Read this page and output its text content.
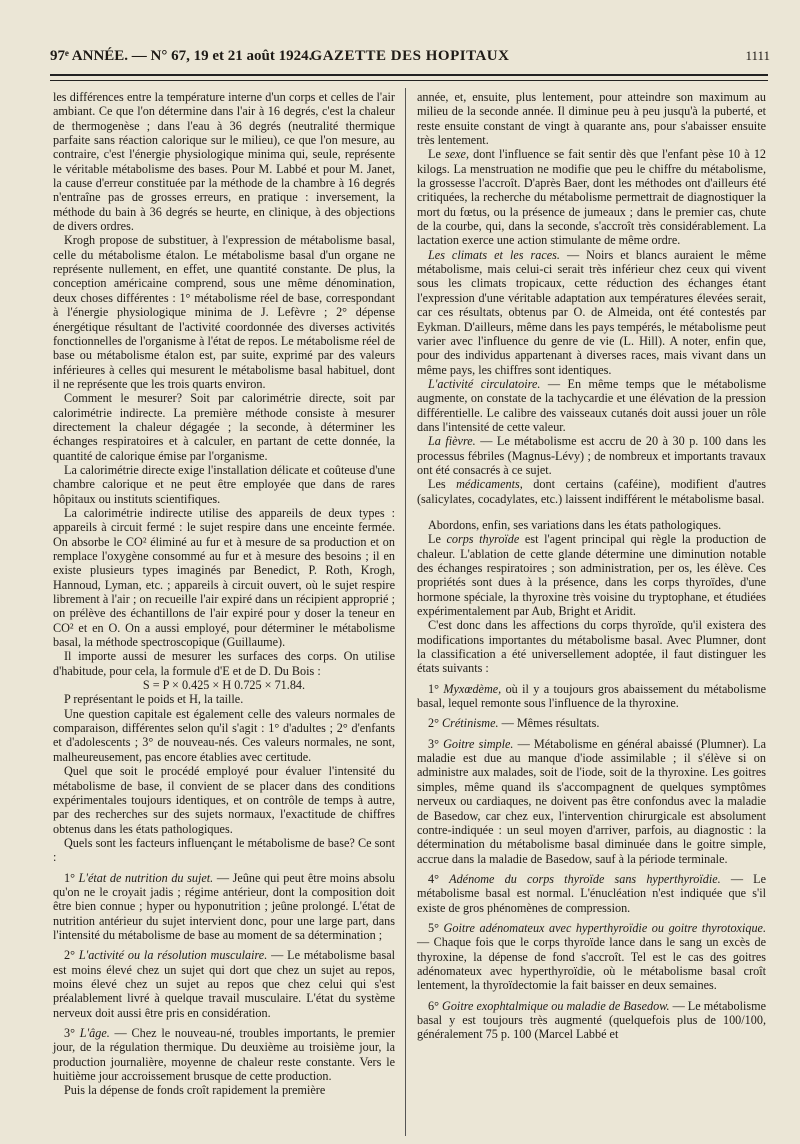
97ᵉ ANNÉE. — N° 67, 19 et 21 août 1924.
GAZETTE DES HOPITAUX	1111

les différences entre la température interne d'un corps et celles de l'air ambiant. Ce que l'on détermine dans l'air à 16 degrés, c'est la chaleur de thermogenèse ; dans l'eau à 36 degrés (neutralité thermique parfaite sans réaction calorique sur le milieu), ce que l'on mesure, au contraire, c'est l'énergie physiologique minima qui, seule, représente le véritable métabolisme des bases. Pour M. Labbé et pour M. Janet, la cause d'erreur constituée par la méthode de la chambre à 16 degrés n'entraîne pas de grosses erreurs, en pratique : inversement, la méthode du bain à 36 degrés se heurte, en clinique, à des objections de divers ordres.

Krogh propose de substituer, à l'expression de métabolisme basal, celle du métabolisme étalon. Le métabolisme basal d'un organe ne représente nullement, en effet, une quantité constante. De plus, la conception américaine comprend, sous une même dénomination, deux choses différentes : 1° métabolisme réel de base, correspondant à l'énergie physiologique minima de J. Lefèvre ; 2° dépense énergétique résultant de l'activité coordonnée des diverses activités fonctionnelles de l'organisme à l'état de repos. Le métabolisme réel de base ou métabolisme étalon est, par suite, exprimé par des valeurs inférieures à celles qui mesurent le métabolisme basal habituel, dont il ne représente que les trois quarts environ.

Comment le mesurer? Soit par calorimétrie directe, soit par calorimétrie indirecte. La première méthode consiste à mesurer directement la chaleur dégagée ; la seconde, à déterminer les échanges respiratoires et à calculer, en partant de cette donnée, la quantité de calorique émise par l'organisme.

La calorimétrie directe exige l'installation délicate et coûteuse d'une chambre calorique et ne peut être employée que dans de rares hôpitaux ou instituts scientifiques.

La calorimétrie indirecte utilise des appareils de deux types : appareils à circuit fermé : le sujet respire dans une enceinte fermée. On absorbe le CO² éliminé au fur et à mesure de sa production et on remplace l'oxygène consommé au fur et à mesure des besoins ; il en existe plusieurs types imaginés par Benedict, P. Roth, Krogh, Hannoud, Lyman, etc. ; appareils à circuit ouvert, où le sujet respire librement à l'air ; on recueille l'air expiré dans un récipient approprié ; on prélève des échantillons de l'air expiré pour y doser la teneur en CO² et en O. On a aussi employé, pour déterminer le métabolisme basal, la méthode spectroscopique (Guillaume).

Il importe aussi de mesurer les surfaces des corps. On utilise d'habitude, pour cela, la formule d'E et de D. Du Bois :

S = P × 0.425 × H 0.725 × 71.84.

P représentant le poids et H, la taille.

Une question capitale est également celle des valeurs normales de comparaison, différentes selon qu'il s'agit : 1° d'adultes ; 2° d'enfants et d'adolescents ; 3° de nouveau-nés. Ces valeurs normales, ne sont, malheureusement, pas encore établies avec certitude.

Quel que soit le procédé employé pour évaluer l'intensité du métabolisme de base, il convient de se placer dans des conditions expérimentales toujours identiques, et on contrôle de temps à autre, par des recherches sur des sujets normaux, l'exactitude de chiffres obtenus dans les états pathologiques.

Quels sont les facteurs influençant le métabolisme de base? Ce sont :

1° L'état de nutrition du sujet. — Jeûne qui peut être moins absolu qu'on ne le croyait jadis ; régime antérieur, dont la composition doit être bien connue ; hyper ou hyponutrition ; jeûne prolongé. L'état de nutrition antérieur du sujet intervient donc, pour une large part, dans l'intensité du métabolisme de base au moment de sa détermination ;

2° L'activité ou la résolution musculaire. — Le métabolisme basal est moins élevé chez un sujet qui dort que chez un sujet au repos, moins élevé chez un sujet au repos que chez celui qui s'est préalablement livré à quelque travail musculaire. L'état du système nerveux doit aussi être pris en considération.

3° L'âge. — Chez le nouveau-né, troubles importants, le premier jour, de la régulation thermique. Du deuxième au troisième jour, la production journalière, moyenne de chaleur reste constante. Vers le huitième jour accroissement brusque de cette production.

Puis la dépense de fonds croît rapidement la première

année, et, ensuite, plus lentement, pour atteindre son maximum au milieu de la seconde année. Il diminue peu à peu jusqu'à la puberté, et reste ensuite constant de vingt à quarante ans, pour s'abaisser ensuite très lentement.

Le sexe, dont l'influence se fait sentir dès que l'enfant pèse 10 à 12 kilogs. La menstruation ne modifie que peu le chiffre du métabolisme, la grossesse l'accroît. D'après Baer, dont les méthodes ont d'ailleurs été critiquées, la recherche du métabolisme permettrait de diagnostiquer la mort du fœtus, ou la présence de jumeaux ; dans le premier cas, chute de la courbe, qui, dans la seconde, s'accroît très considérablement. La lactation exerce une action stimulante de même ordre.

Les climats et les races. — Noirs et blancs auraient le même métabolisme, mais celui-ci serait très inférieur chez ceux qui vivent sous les climats tropicaux, cette réduction des échanges étant l'expression d'une véritable adaptation aux températures élevées serait, car ces résultats, obtenus par O. de Almeida, ont été contestés par Eykman. D'ailleurs, même dans les pays tempérés, le métabolisme peut varier avec l'influence du genre de vie (L. Hill). A noter, enfin que, pour des individus appartenant à diverses races, mais vivant dans un même pays, les chiffres sont identiques.

L'activité circulatoire. — En même temps que le métabolisme augmente, on constate de la tachycardie et une élévation de la pression différentielle. Le calibre des vaisseaux cutanés doit aussi jouer un rôle dans l'intensité de cette valeur.

La fièvre. — Le métabolisme est accru de 20 à 30 p. 100 dans les processus fébriles (Magnus-Lévy) ; de nombreux et importants travaux ont été consacrés à ce sujet.

Les médicaments, dont certains (caféine), modifient d'autres (salicylates, cocadylates, etc.) laissent indifférent le métabolisme basal.

Abordons, enfin, ses variations dans les états pathologiques.

Le corps thyroïde est l'agent principal qui règle la production de chaleur. L'ablation de cette glande détermine une diminution notable des échanges respiratoires ; son administration, per os, les élève. Ces propriétés sont dues à la présence, dans les corps thyroïdes, d'une hormone spéciale, la thyroxine très voisine du tryptophane, et étudiées expérimentalement par Aub, Bright et Aridit.

C'est donc dans les affections du corps thyroïde, qu'il existera des modifications importantes du métabolisme basal. Avec Plumner, dont la classification a été universellement adoptée, il faut distinguer les états suivants :

1° Myxœdème, où il y a toujours gros abaissement du métabolisme basal, lequel remonte sous l'influence de la thyroxine.

2° Crétinisme. — Mêmes résultats.

3° Goitre simple. — Métabolisme en général abaissé (Plumner). La maladie est due au manque d'iode assimilable ; il s'élève si on administre aux malades, soit de l'iode, soit de la thyroxine. Les goitres simples, même quand ils s'accompagnent de quelques symptômes nerveux ou cardiaques, ne doivent pas être confondus avec la maladie de Basedow, car chez eux, l'intervention chirurgicale est absolument contre-indiquée : un seul moyen d'arriver, parfois, au diagnostic : la détermination du métabolisme basal diminuée dans le goitre simple, accrue dans la maladie de Basedow, sauf à la période terminale.

4° Adénome du corps thyroïde sans hyperthyroïdie. — Le métabolisme basal est normal. L'énucléation n'est indiquée que s'il existe de gros phénomènes de compression.

5° Goitre adénomateux avec hyperthyroïdie ou goitre thyrotoxique. — Chaque fois que le corps thyroïde lance dans le sang un excès de thyroxine, la dépense de fond s'accroît. Tel est le cas des goitres adénomateux avec hyperthyroïdie, où le métabolisme basal croît lentement, la thyroïdectomie la fait baisser en deux semaines.

6° Goitre exophtalmique ou maladie de Basedow. — Le métabolisme basal y est toujours très augmenté (quelquefois plus de 100/100, généralement 75 p. 100 (Marcel Labbé et
